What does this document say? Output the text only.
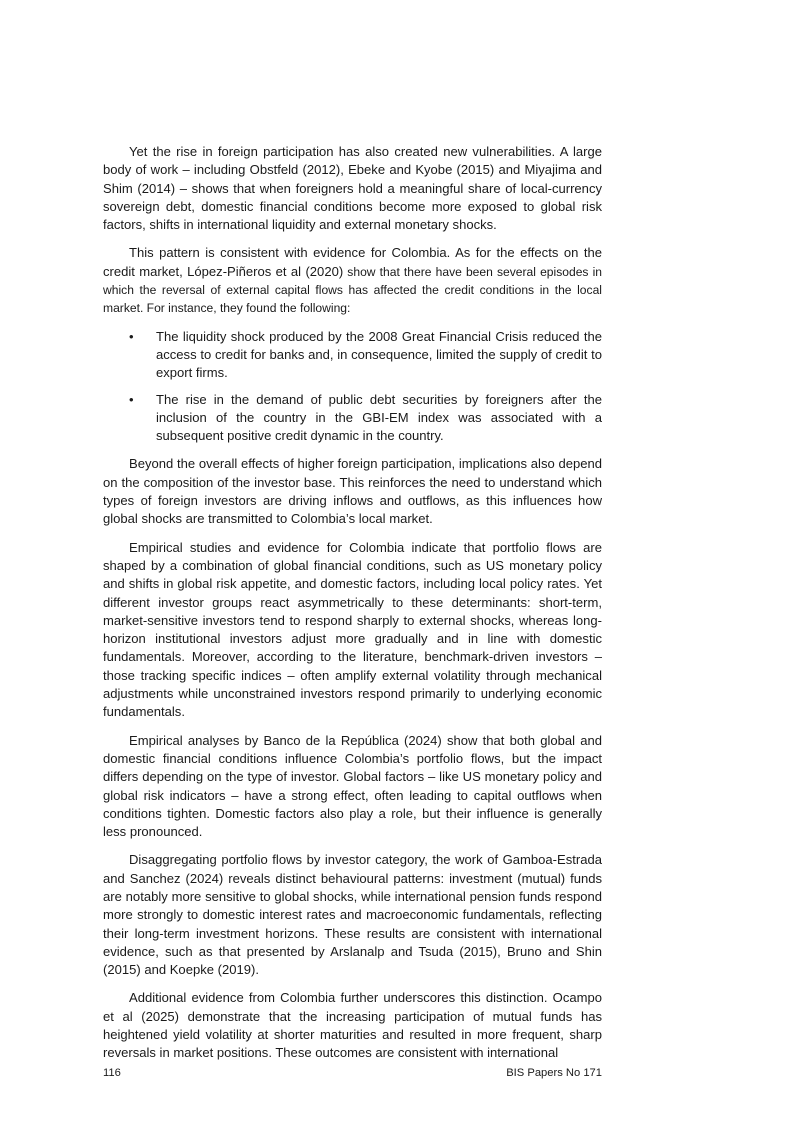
Yet the rise in foreign participation has also created new vulnerabilities. A large body of work – including Obstfeld (2012), Ebeke and Kyobe (2015) and Miyajima and Shim (2014) – shows that when foreigners hold a meaningful share of local-currency sovereign debt, domestic financial conditions become more exposed to global risk factors, shifts in international liquidity and external monetary shocks.

This pattern is consistent with evidence for Colombia. As for the effects on the credit market, López-Piñeros et al (2020) show that there have been several episodes in which the reversal of external capital flows has affected the credit conditions in the local market. For instance, they found the following:

• The liquidity shock produced by the 2008 Great Financial Crisis reduced the access to credit for banks and, in consequence, limited the supply of credit to export firms.
• The rise in the demand of public debt securities by foreigners after the inclusion of the country in the GBI-EM index was associated with a subsequent positive credit dynamic in the country.

Beyond the overall effects of higher foreign participation, implications also depend on the composition of the investor base. This reinforces the need to understand which types of foreign investors are driving inflows and outflows, as this influences how global shocks are transmitted to Colombia’s local market.

Empirical studies and evidence for Colombia indicate that portfolio flows are shaped by a combination of global financial conditions, such as US monetary policy and shifts in global risk appetite, and domestic factors, including local policy rates. Yet different investor groups react asymmetrically to these determinants: short-term, market-sensitive investors tend to respond sharply to external shocks, whereas long-horizon institutional investors adjust more gradually and in line with domestic fundamentals. Moreover, according to the literature, benchmark-driven investors – those tracking specific indices – often amplify external volatility through mechanical adjustments while unconstrained investors respond primarily to underlying economic fundamentals.

Empirical analyses by Banco de la República (2024) show that both global and domestic financial conditions influence Colombia’s portfolio flows, but the impact differs depending on the type of investor. Global factors – like US monetary policy and global risk indicators – have a strong effect, often leading to capital outflows when conditions tighten. Domestic factors also play a role, but their influence is generally less pronounced.

Disaggregating portfolio flows by investor category, the work of Gamboa-Estrada and Sanchez (2024) reveals distinct behavioural patterns: investment (mutual) funds are notably more sensitive to global shocks, while international pension funds respond more strongly to domestic interest rates and macroeconomic fundamentals, reflecting their long-term investment horizons. These results are consistent with international evidence, such as that presented by Arslanalp and Tsuda (2015), Bruno and Shin (2015) and Koepke (2019).

Additional evidence from Colombia further underscores this distinction. Ocampo et al (2025) demonstrate that the increasing participation of mutual funds has heightened yield volatility at shorter maturities and resulted in more frequent, sharp reversals in market positions. These outcomes are consistent with international

116	BIS Papers No 171
